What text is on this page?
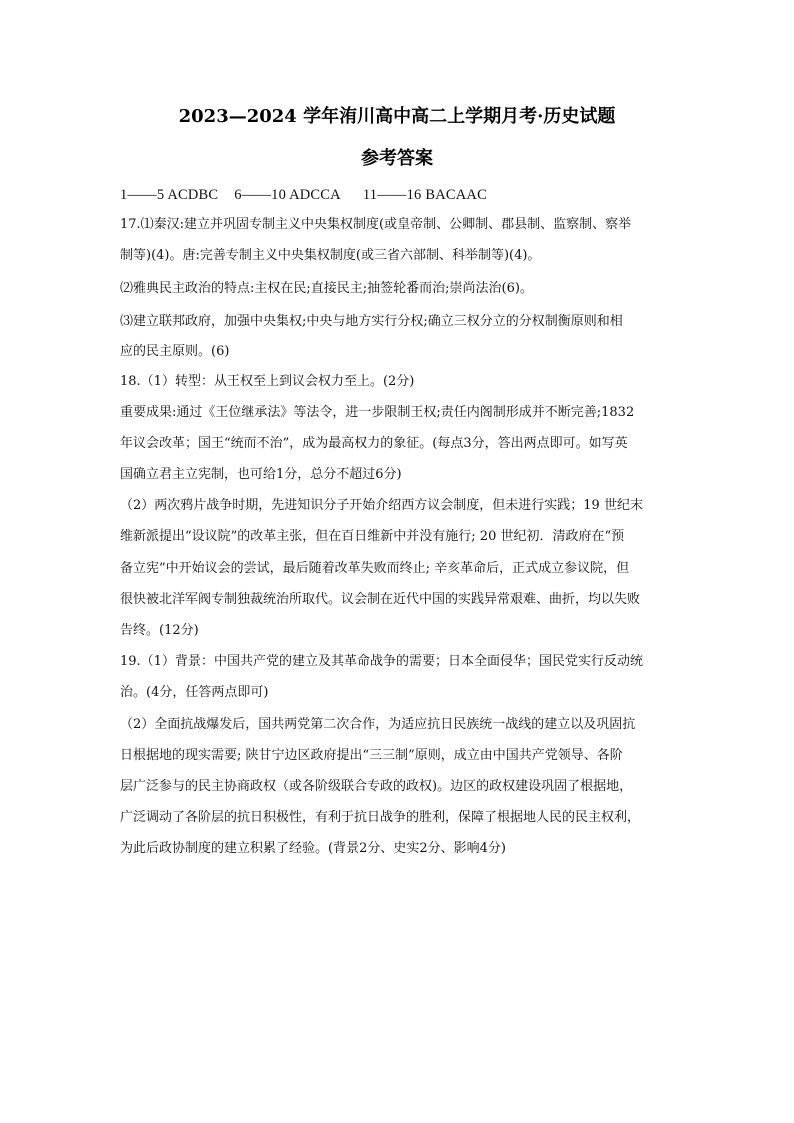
2023—2024 学年洧川高中高二上学期月考·历史试题
参考答案
1——5 ACDBC 6——10 ADCCA 11——16 BACAAC
17.⑴秦汉:建立并巩固专制主义中央集权制度(或皇帝制、公卿制、郡县制、监察制、察举
制等)(4)。唐:完善专制主义中央集权制度(或三省六部制、科举制等)(4)。
⑵雅典民主政治的特点:主权在民;直接民主;抽签轮番而治;崇尚法治(6)。
⑶建立联邦政府，加强中央集权;中央与地方实行分权;确立三权分立的分权制衡原则和相
应的民主原则。(6)
18.（1）转型：从王权至上到议会权力至上。(2分)
重要成果:通过《王位继承法》等法令，进一步限制王权;责任内阁制形成并不断完善;1832
年议会改革；国王“统而不治”，成为最高权力的象征。(每点3分，答出两点即可。如写英
国确立君主立宪制，也可给1分，总分不超过6分)
（2）两次鸦片战争时期，先进知识分子开始介绍西方议会制度，但未进行实践；19 世纪末
维新派提出“设议院”的改革主张，但在百日维新中并没有施行; 20 世纪初．清政府在“预
备立宪”中开始议会的尝试，最后随着改革失败而终止; 辛亥革命后，正式成立参议院，但
很快被北洋军阀专制独裁统治所取代。议会制在近代中国的实践异常艰难、曲折，均以失败
告终。(12分)
19.（1）背景：中国共产党的建立及其革命战争的需要；日本全面侵华；国民党实行反动统
治。(4分，任答两点即可)
（2）全面抗战爆发后，国共两党第二次合作，为适应抗日民族统一战线的建立以及巩固抗
日根据地的现实需要; 陕甘宁边区政府提出“三三制”原则，成立由中国共产党领导、各阶
层广泛参与的民主协商政权（或各阶级联合专政的政权)。边区的政权建设巩固了根据地，
广泛调动了各阶层的抗日积极性，有利于抗日战争的胜利，保障了根据地人民的民主权利，
为此后政协制度的建立积累了经验。(背景2分、史实2分、影响4分)
